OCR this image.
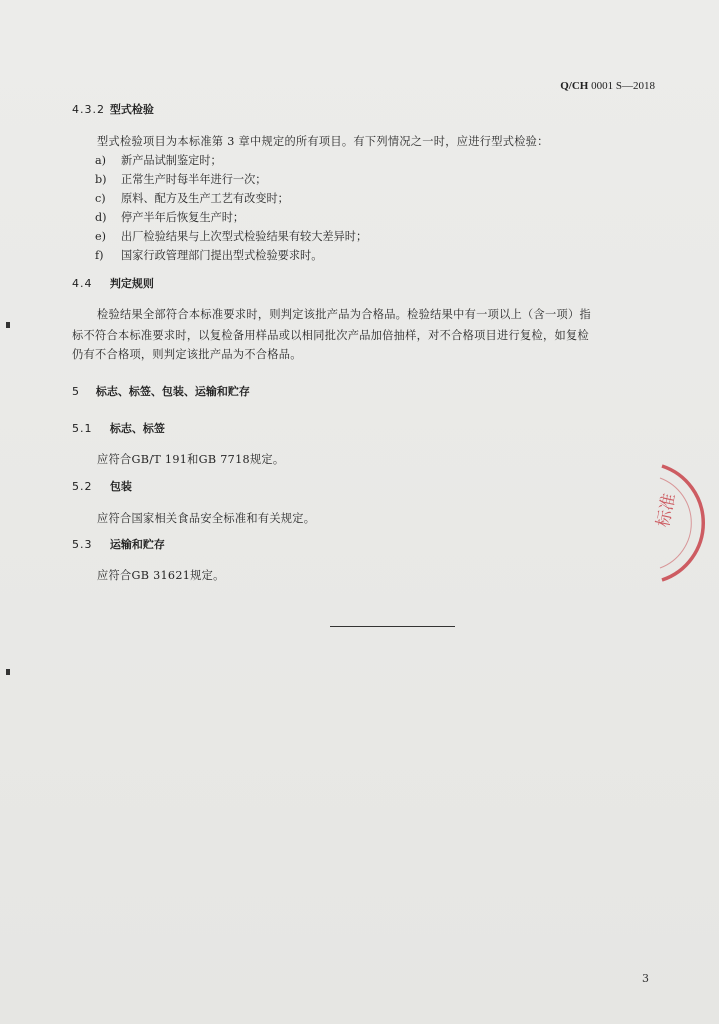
Q/CH 0001 S—2018
4.3.2 型式检验
型式检验项目为本标准第 3 章中规定的所有项目。有下列情况之一时，应进行型式检验：
a) 新产品试制鉴定时；
b) 正常生产时每半年进行一次；
c) 原料、配方及生产工艺有改变时；
d) 停产半年后恢复生产时；
e) 出厂检验结果与上次型式检验结果有较大差异时；
f) 国家行政管理部门提出型式检验要求时。
4.4 判定规则
检验结果全部符合本标准要求时，则判定该批产品为合格品。检验结果中有一项以上（含一项）指
标不符合本标准要求时，以复检备用样品或以相同批次产品加倍抽样，对不合格项目进行复检，如复检
仍有不合格项，则判定该批产品为不合格品。
5 标志、标签、包装、运输和贮存
5.1 标志、标签
应符合GB/T 191和GB 7718规定。
5.2 包装
应符合国家相关食品安全标准和有关规定。
5.3 运输和贮存
应符合GB 31621规定。
标准
3
